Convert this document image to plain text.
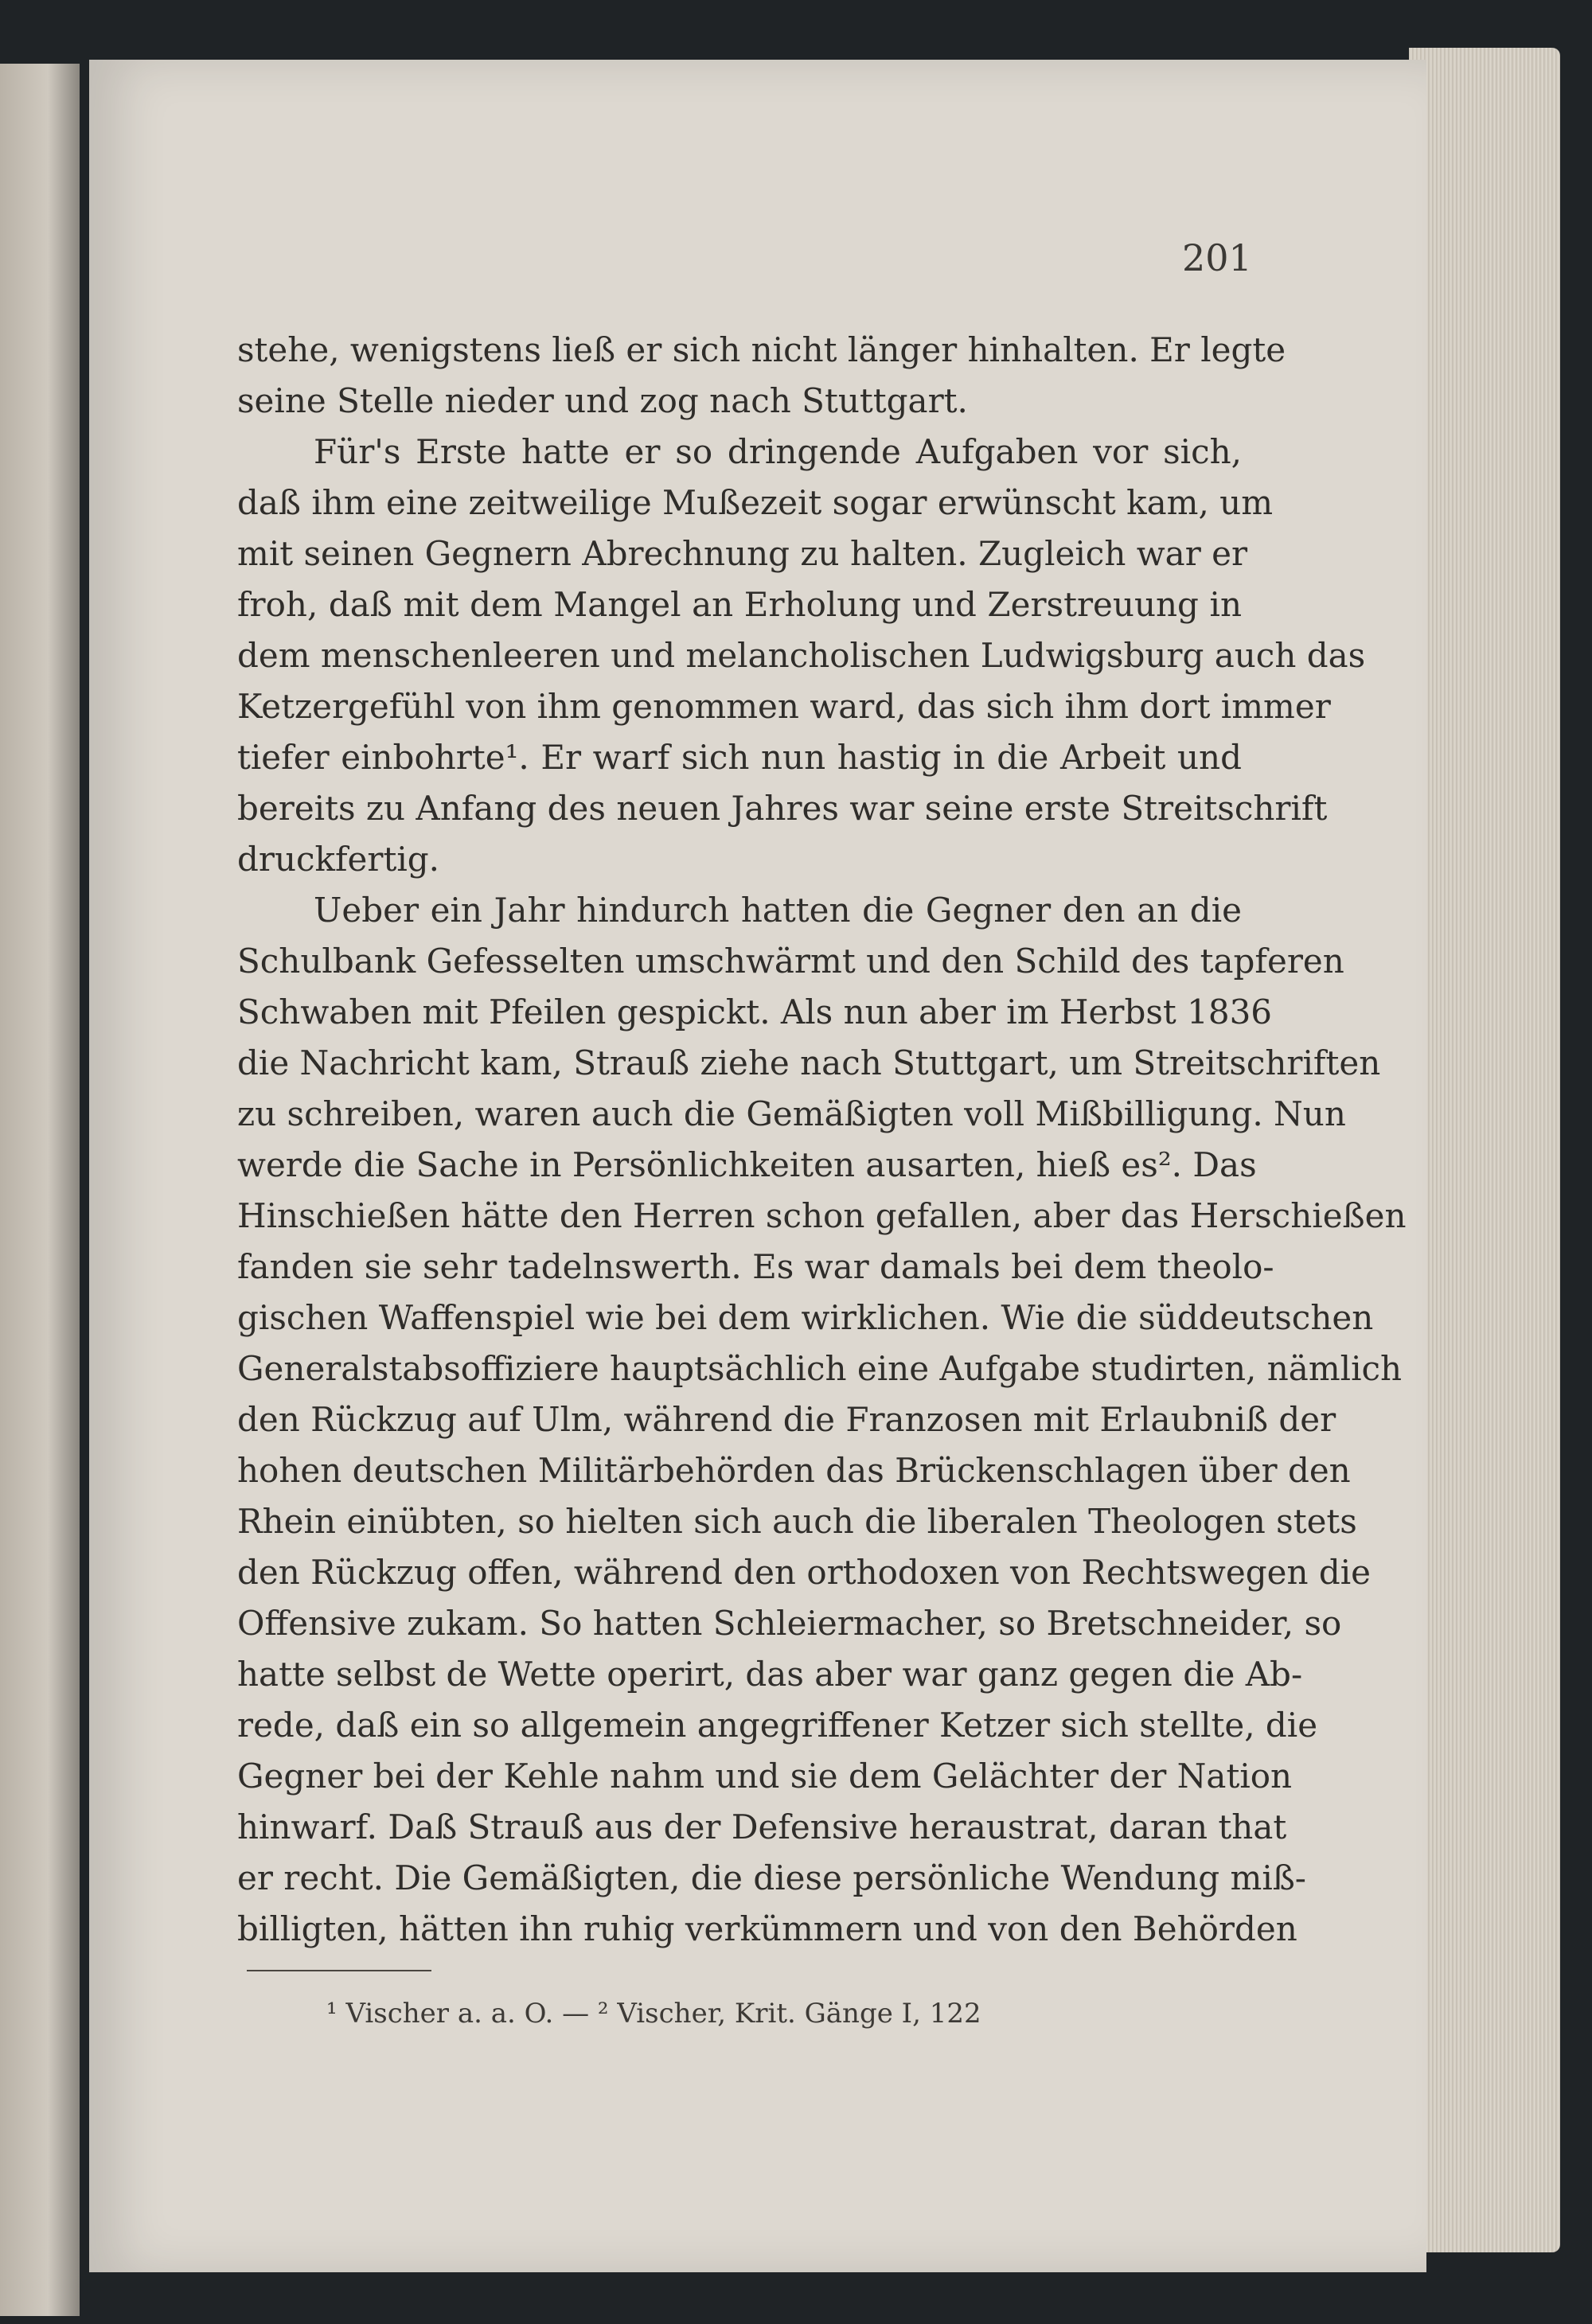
201
stehe, wenigstens ließ er sich nicht länger hinhalten. Er legte
seine Stelle nieder und zog nach Stuttgart.
Für's Erste hatte er so dringende Aufgaben vor sich,
daß ihm eine zeitweilige Mußezeit sogar erwünscht kam, um
mit seinen Gegnern Abrechnung zu halten. Zugleich war er
froh, daß mit dem Mangel an Erholung und Zerstreuung in
dem menschenleeren und melancholischen Ludwigsburg auch das
Ketzergefühl von ihm genommen ward, das sich ihm dort immer
tiefer einbohrte¹. Er warf sich nun hastig in die Arbeit und
bereits zu Anfang des neuen Jahres war seine erste Streitschrift
druckfertig.
Ueber ein Jahr hindurch hatten die Gegner den an die
Schulbank Gefesselten umschwärmt und den Schild des tapferen
Schwaben mit Pfeilen gespickt. Als nun aber im Herbst 1836
die Nachricht kam, Strauß ziehe nach Stuttgart, um Streitschriften
zu schreiben, waren auch die Gemäßigten voll Mißbilligung. Nun
werde die Sache in Persönlichkeiten ausarten, hieß es². Das
Hinschießen hätte den Herren schon gefallen, aber das Herschießen
fanden sie sehr tadelnswerth. Es war damals bei dem theolo-
gischen Waffenspiel wie bei dem wirklichen. Wie die süddeutschen
Generalstabsoffiziere hauptsächlich eine Aufgabe studirten, nämlich
den Rückzug auf Ulm, während die Franzosen mit Erlaubniß der
hohen deutschen Militärbehörden das Brückenschlagen über den
Rhein einübten, so hielten sich auch die liberalen Theologen stets
den Rückzug offen, während den orthodoxen von Rechtswegen die
Offensive zukam. So hatten Schleiermacher, so Bretschneider, so
hatte selbst de Wette operirt, das aber war ganz gegen die Ab-
rede, daß ein so allgemein angegriffener Ketzer sich stellte, die
Gegner bei der Kehle nahm und sie dem Gelächter der Nation
hinwarf. Daß Strauß aus der Defensive heraustrat, daran that
er recht. Die Gemäßigten, die diese persönliche Wendung miß-
billigten, hätten ihn ruhig verkümmern und von den Behörden
¹ Vischer a. a. O. — ² Vischer, Krit. Gänge I, 122
